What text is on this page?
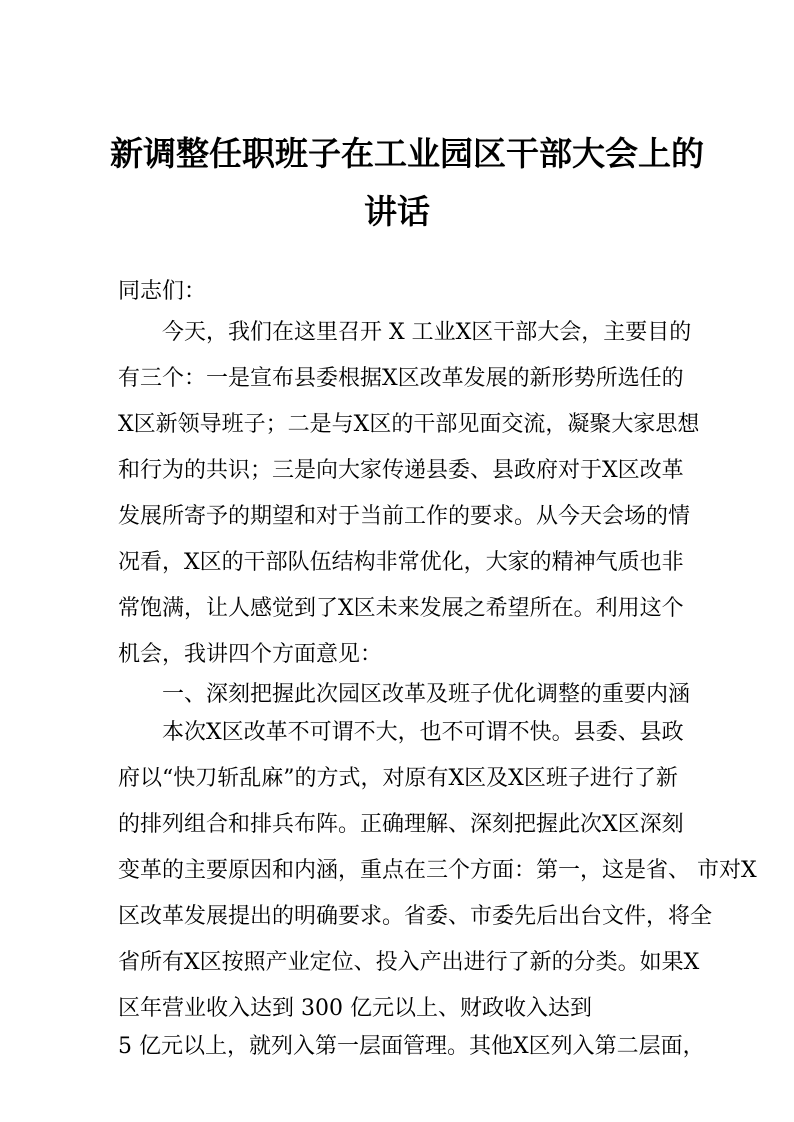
新调整任职班子在工业园区干部大会上的
讲话
同志们：
　　今天，我们在这里召开 X 工业X区干部大会，主要目的
有三个：一是宣布县委根据X区改革发展的新形势所选任的
X区新领导班子；二是与X区的干部见面交流，凝聚大家思想
和行为的共识；三是向大家传递县委、县政府对于X区改革
发展所寄予的期望和对于当前工作的要求。从今天会场的情
况看，X区的干部队伍结构非常优化，大家的精神气质也非
常饱满，让人感觉到了X区未来发展之希望所在。利用这个
机会，我讲四个方面意见：
　　一、深刻把握此次园区改革及班子优化调整的重要内涵
　　本次X区改革不可谓不大，也不可谓不快。县委、县政
府以“快刀斩乱麻”的方式，对原有X区及X区班子进行了新
的排列组合和排兵布阵。正确理解、深刻把握此次X区深刻
变革的主要原因和内涵，重点在三个方面：第一，这是省、 市对X
区改革发展提出的明确要求。省委、市委先后出台文件，将全
省所有X区按照产业定位、投入产出进行了新的分类。如果X
区年营业收入达到 300 亿元以上、财政收入达到
5 亿元以上，就列入第一层面管理。其他X区列入第二层面，
